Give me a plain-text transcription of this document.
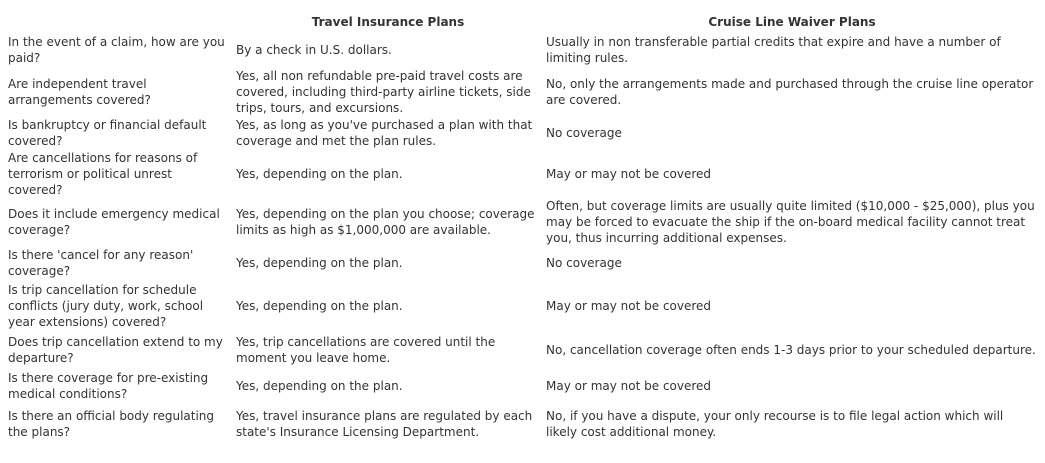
	Travel Insurance Plans	Cruise Line Waiver Plans
In the event of a claim, how are you paid?	By a check in U.S. dollars.	Usually in non transferable partial credits that expire and have a number of limiting rules.
Are independent travel arrangements covered?	Yes, all non refundable pre-paid travel costs are covered, including third-party airline tickets, side trips, tours, and excursions.	No, only the arrangements made and purchased through the cruise line operator are covered.
Is bankruptcy or financial default covered?	Yes, as long as you've purchased a plan with that coverage and met the plan rules.	No coverage
Are cancellations for reasons of terrorism or political unrest covered?	Yes, depending on the plan.	May or may not be covered
Does it include emergency medical coverage?	Yes, depending on the plan you choose; coverage limits as high as $1,000,000 are available.	Often, but coverage limits are usually quite limited ($10,000 - $25,000), plus you may be forced to evacuate the ship if the on-board medical facility cannot treat you, thus incurring additional expenses.
Is there 'cancel for any reason' coverage?	Yes, depending on the plan.	No coverage
Is trip cancellation for schedule conflicts (jury duty, work, school year extensions) covered?	Yes, depending on the plan.	May or may not be covered
Does trip cancellation extend to my departure?	Yes, trip cancellations are covered until the moment you leave home.	No, cancellation coverage often ends 1-3 days prior to your scheduled departure.
Is there coverage for pre-existing medical conditions?	Yes, depending on the plan.	May or may not be covered
Is there an official body regulating the plans?	Yes, travel insurance plans are regulated by each state's Insurance Licensing Department.	No, if you have a dispute, your only recourse is to file legal action which will likely cost additional money.
